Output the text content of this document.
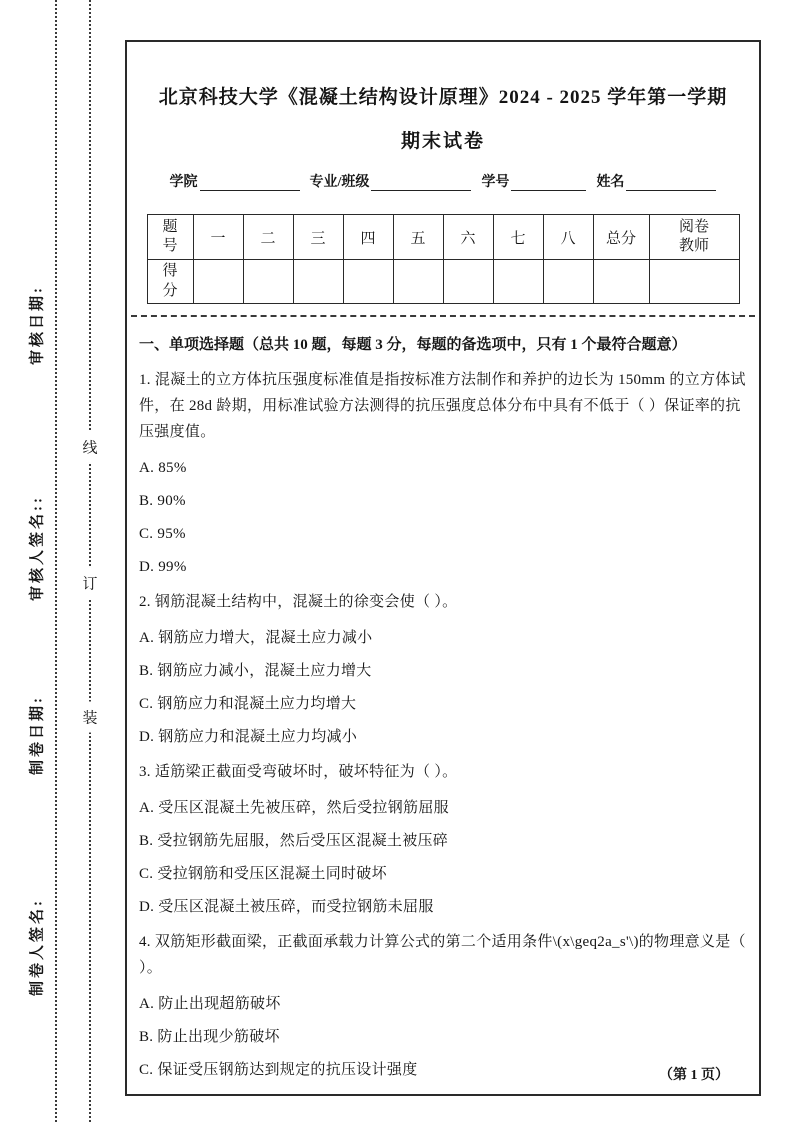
审核日期:
审核人签名::
制卷日期:
制卷人签名:
线
订
装
北京科技大学《混凝土结构设计原理》2024 - 2025 学年第一学期
期末试卷
学院	专业/班级	学号	姓名
题号	一	二	三	四	五	六	七	八	总分	阅卷教师
得分										
一、单项选择题（总共 10 题，每题 3 分，每题的备选项中，只有 1 个最符合题意）

1. 混凝土的立方体抗压强度标准值是指按标准方法制作和养护的边长为 150mm 的立方体试件，在 28d 龄期，用标准试验方法测得的抗压强度总体分布中具有不低于（ ）保证率的抗压强度值。

A. 85%

B. 90%

C. 95%

D. 99%

2. 钢筋混凝土结构中，混凝土的徐变会使（ ）。

A. 钢筋应力增大，混凝土应力减小

B. 钢筋应力减小，混凝土应力增大

C. 钢筋应力和混凝土应力均增大

D. 钢筋应力和混凝土应力均减小

3. 适筋梁正截面受弯破坏时，破坏特征为（ ）。

A. 受压区混凝土先被压碎，然后受拉钢筋屈服

B. 受拉钢筋先屈服，然后受压区混凝土被压碎

C. 受拉钢筋和受压区混凝土同时破坏

D. 受压区混凝土被压碎，而受拉钢筋未屈服

4. 双筋矩形截面梁，正截面承载力计算公式的第二个适用条件\(x\geq2a_s'\)的物理意义是（ ）。

A. 防止出现超筋破坏

B. 防止出现少筋破坏

C. 保证受压钢筋达到规定的抗压设计强度	（第 1 页）
